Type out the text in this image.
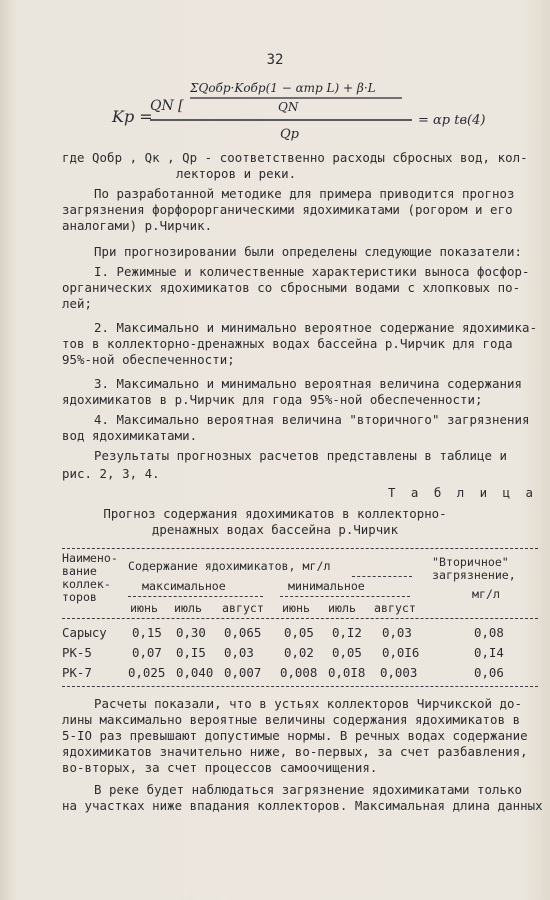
32
Kp =
QN [
ΣQобр·Kобр(1 − αтр L) + β·L
QN
Qp
= αp tв(4)
где Qобр , Qк , Qр - соответственно расходы сбросных вод, кол-
лекторов и реки.
По разработанной методике для примера приводится прогноз
загрязнения форфорорганическими ядохимикатами (рогором и его
аналогами) р.Чирчик.
При прогнозировании были определены следующие показатели:
I. Режимные и количественные характеристики выноса фосфор-
органических ядохимикатов со сбросными водами с хлопковых по-
лей;
2. Максимально и минимально вероятное содержание ядохимика-
тов в коллекторно-дренажных водах бассейна р.Чирчик для года
95%-ной обеспеченности;
3. Максимально и минимально вероятная величина содержания
ядохимикатов в р.Чирчик для года 95%-ной обеспеченности;
4. Максимально вероятная величина "вторичного" загрязнения
вод ядохимикатами.
Результаты прогнозных расчетов представлены в таблице и
рис. 2, 3, 4.
Т а б л и ц а
Прогноз содержания ядохимикатов в коллекторно-
дренажных водах бассейна р.Чирчик
Наимено-
вание
коллек-
торов
Содержание ядохимикатов, мг/л
максимальное	минимальное
июнь июль август июнь июль август
"Вторичное"
загрязнение,
мг/л
Сарысу 0,15 0,30 0,065 0,05 0,I2 0,03	0,08
РК-5	0,07 0,I5 0,03 0,02 0,05 0,0I6	0,I4
РК-7	0,025 0,040 0,007 0,008 0,0I8 0,003	0,06
Расчеты показали, что в устьях коллекторов Чирчикской до-
лины максимально вероятные величины содержания ядохимикатов в
5-IO раз превышают допустимые нормы. В речных водах содержание
ядохимикатов значительно ниже, во-первых, за счет разбавления,
во-вторых, за счет процессов самоочищения.
В реке будет наблюдаться загрязнение ядохимикатами только
на участках ниже впадания коллекторов. Максимальная длина данных
